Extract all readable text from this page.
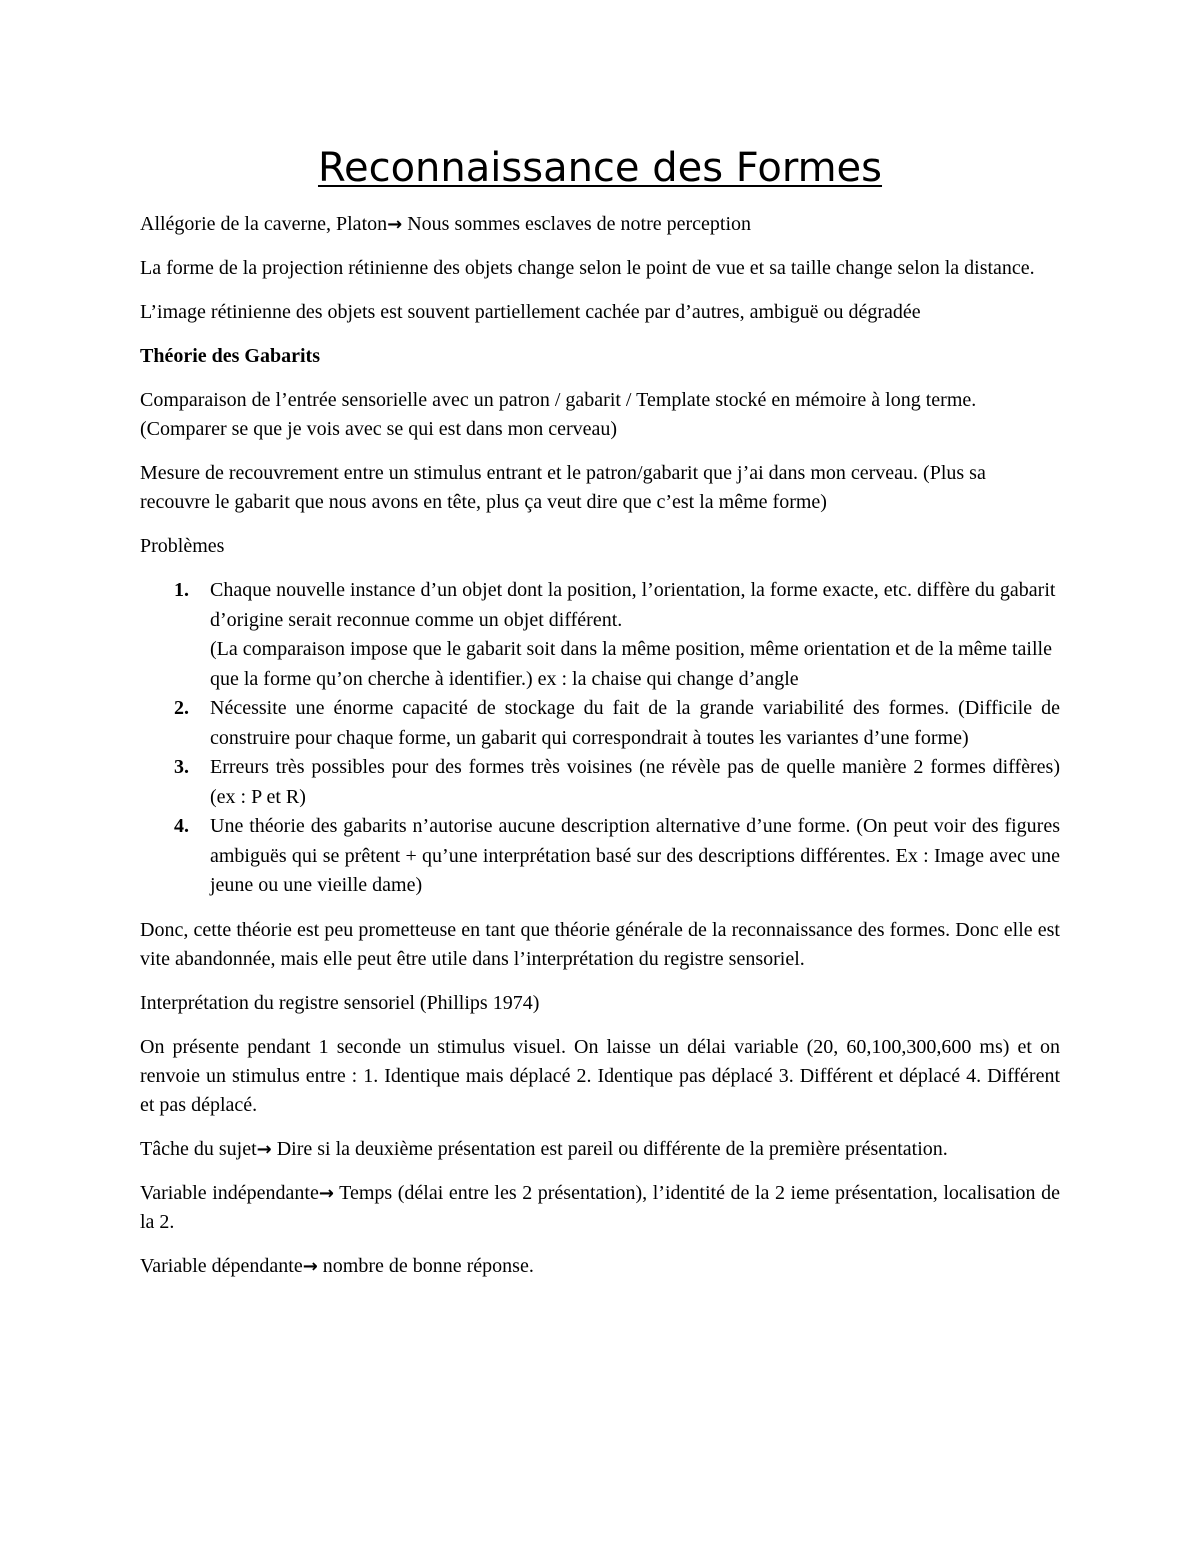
Reconnaissance des Formes

Allégorie de la caverne, Platon→ Nous sommes esclaves de notre perception

La forme de la projection rétinienne des objets change selon le point de vue et sa taille change selon la distance.

L’image rétinienne des objets est souvent partiellement cachée par d’autres, ambiguë ou dégradée

Théorie des Gabarits

Comparaison de l’entrée sensorielle avec un patron / gabarit / Template stocké en mémoire à long terme. (Comparer se que je vois avec se qui est dans mon cerveau)

Mesure de recouvrement entre un stimulus entrant et le patron/gabarit que j’ai dans mon cerveau. (Plus sa recouvre le gabarit que nous avons en tête, plus ça veut dire que c’est la même forme)

Problèmes

1. Chaque nouvelle instance d’un objet dont la position, l’orientation, la forme exacte, etc. diffère du gabarit d’origine serait reconnue comme un objet différent.
(La comparaison impose que le gabarit soit dans la même position, même orientation et de la même taille que la forme qu’on cherche à identifier.) ex : la chaise qui change d’angle
2. Nécessite une énorme capacité de stockage du fait de la grande variabilité des formes. (Difficile de construire pour chaque forme, un gabarit qui correspondrait à toutes les variantes d’une forme)
3. Erreurs très possibles pour des formes très voisines (ne révèle pas de quelle manière 2 formes diffères) (ex : P et R)
4. Une théorie des gabarits n’autorise aucune description alternative d’une forme. (On peut voir des figures ambiguës qui se prêtent + qu’une interprétation basé sur des descriptions différentes. Ex : Image avec une jeune ou une vieille dame)

Donc, cette théorie est peu prometteuse en tant que théorie générale de la reconnaissance des formes. Donc elle est vite abandonnée, mais elle peut être utile dans l’interprétation du registre sensoriel.

Interprétation du registre sensoriel (Phillips 1974)

On présente pendant 1 seconde un stimulus visuel. On laisse un délai variable (20, 60,100,300,600 ms) et on renvoie un stimulus entre : 1. Identique mais déplacé 2. Identique pas déplacé 3. Différent et déplacé 4. Différent et pas déplacé.

Tâche du sujet→ Dire si la deuxième présentation est pareil ou différente de la première présentation.

Variable indépendante→ Temps (délai entre les 2 présentation), l’identité de la 2 ieme présentation, localisation de la 2.

Variable dépendante→ nombre de bonne réponse.
